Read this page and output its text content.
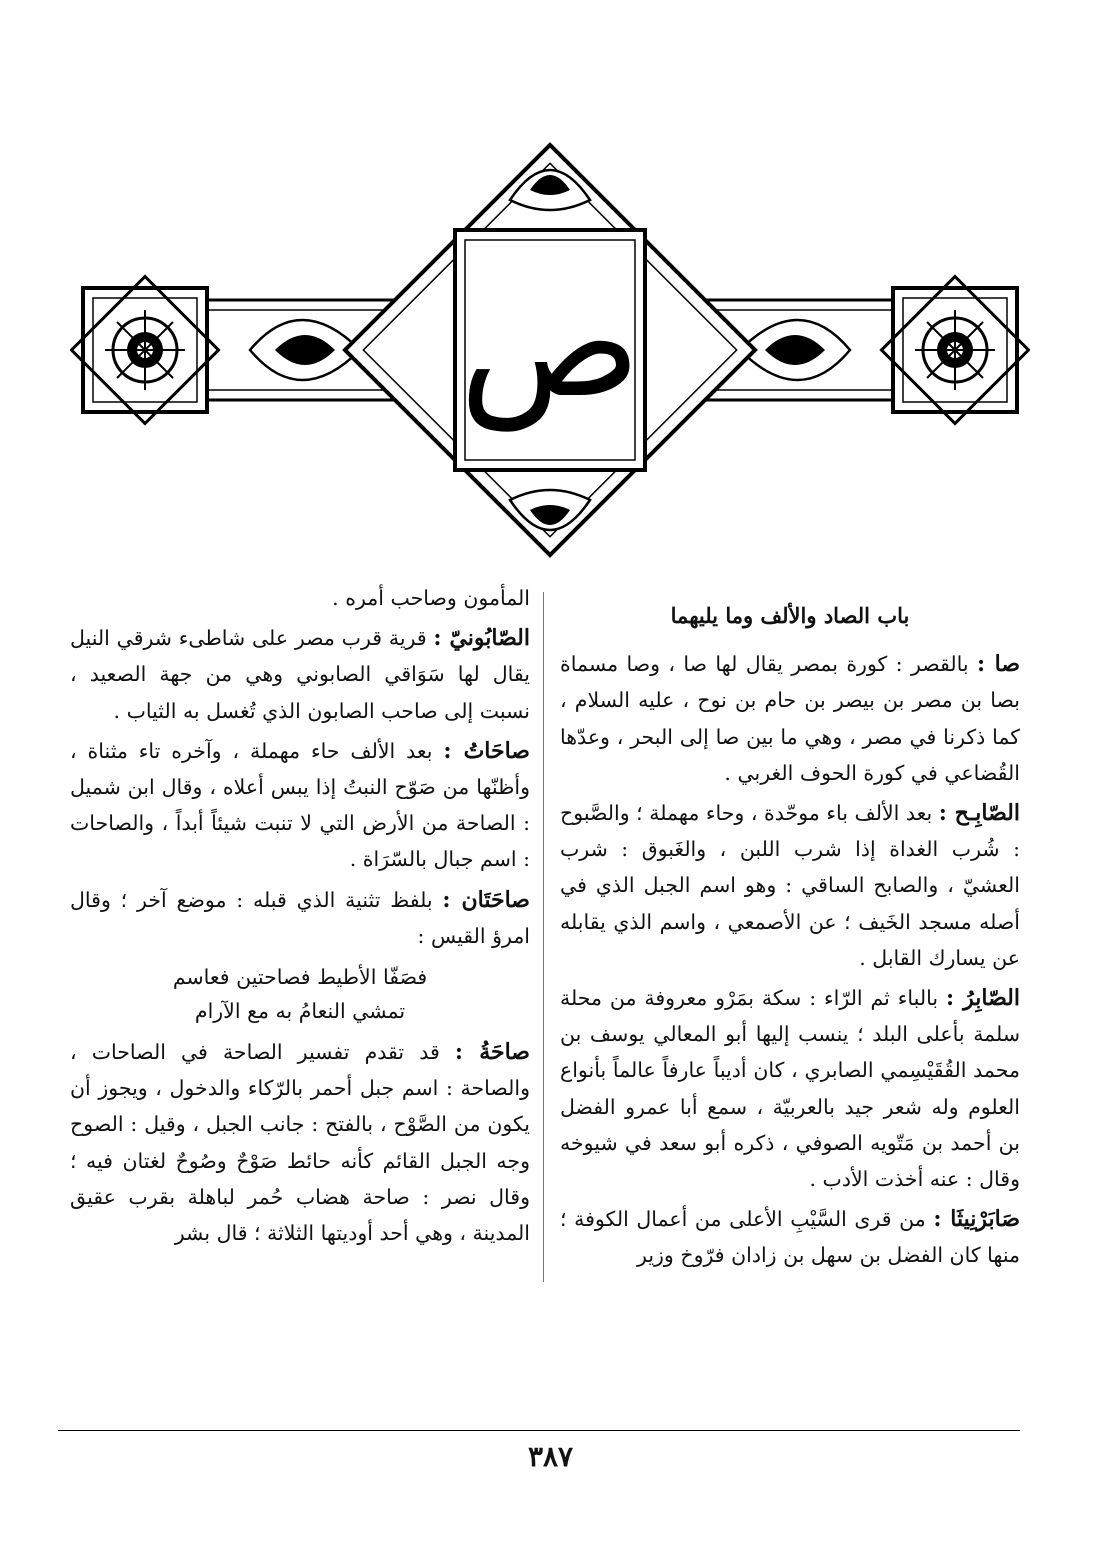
ص
باب الصاد والألف وما يليهما

صا : بالقصر : كورة بمصر يقال لها صا ، وصا مسماة بصا بن مصر بن بيصر بن حام بن نوح ، عليه السلام ، كما ذكرنا في مصر ، وهي ما بين صا إلى البحر ، وعدّها القُضاعي في كورة الحوف الغربي .

الصّابِـح : بعد الألف باء موحّدة ، وحاء مهملة ؛ والصَّبوح : شُرب الغداة إذا شرب اللبن ، والغَبوق : شرب العشيّ ، والصابح الساقي : وهو اسم الجبل الذي في أصله مسجد الخَيف ؛ عن الأصمعي ، واسم الذي يقابله عن يسارك القابل .

الصّابِرُ : بالباء ثم الرّاء : سكة بمَرْو معروفة من محلة سلمة بأعلى البلد ؛ ينسب إليها أبو المعالي يوسف بن محمد القُقَيْسِمي الصابري ، كان أديباً عارفاً عالماً بأنواع العلوم وله شعر جيد بالعربيّة ، سمع أبا عمرو الفضل بن أحمد بن مَتّويه الصوفي ، ذكره أبو سعد في شيوخه وقال : عنه أخذت الأدب .

صَابَرْنِيثَا : من قرى السَّيْبِ الأعلى من أعمال الكوفة ؛ منها كان الفضل بن سهل بن زادان فرّوخ وزير

المأمون وصاحب أمره .

الصّابُونيّ : قرية قرب مصر على شاطىء شرقي النيل يقال لها سَوَاقي الصابوني وهي من جهة الصعيد ، نسبت إلى صاحب الصابون الذي تُغسل به الثياب .

صاحَاتُ : بعد الألف حاء مهملة ، وآخره تاء مثناة ، وأظنّها من صَوّح النبتُ إذا يبس أعلاه ، وقال ابن شميل : الصاحة من الأرض التي لا تنبت شيئاً أبداً ، والصاحات : اسم جبال بالسّرَاة .

صاحَتَان : بلفظ تثنية الذي قبله : موضع آخر ؛ وقال امرؤ القيس :

فصَفّا الأطيط فصاحتين فعاسم
تمشي النعامُ به مع الآرام

صاحَةُ : قد تقدم تفسير الصاحة في الصاحات ، والصاحة : اسم جبل أحمر بالرّكاء والدخول ، ويجوز أن يكون من الصَّوْح ، بالفتح : جانب الجبل ، وقيل : الصوح وجه الجبل القائم كأنه حائط صَوْحٌ وصُوحٌ لغتان فيه ؛ وقال نصر : صاحة هضاب حُمر لباهلة بقرب عقيق المدينة ، وهي أحد أوديتها الثلاثة ؛ قال بشر

٣٨٧
